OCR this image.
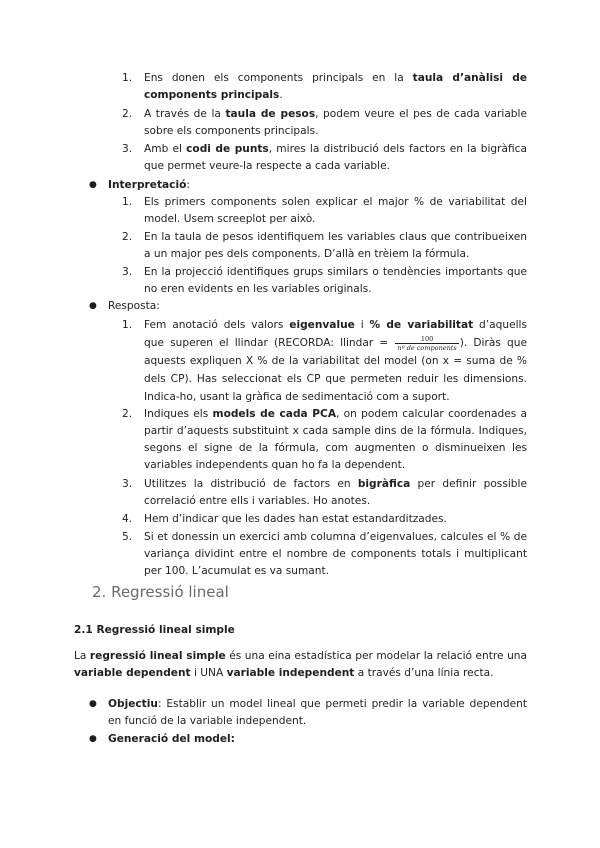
1. Ens donen els components principals en la taula d’anàlisi de components principals.
2. A través de la taula de pesos, podem veure el pes de cada variable sobre els components principals.
3. Amb el codi de punts, mires la distribució dels factors en la bigràfica que permet veure-la respecte a cada variable.
● Interpretació:
1. Els primers components solen explicar el major % de variabilitat del model. Usem screeplot per això.
2. En la taula de pesos identifiquem les variables claus que contribueixen a un major pes dels components. D’allà en trèiem la fórmula.
3. En la projecció identifiques grups similars o tendències importants que no eren evidents en les variables originals.
● Resposta:
1. Fem anotació dels valors eigenvalue i % de variabilitat d’aquells que superen el llindar (RECORDA: llindar = $\frac{100}{\text{nº de components}}$ ). Diràs que aquests expliquen X % de la variabilitat del model (on x = suma de % dels CP). Has seleccionat els CP que permeten reduir les dimensions. Indica-ho, usant la gràfica de sedimentació com a suport.
2. Indiques els models de cada PCA, on podem calcular coordenades a partir d’aquests substituint x cada sample dins de la fórmula. Indiques, segons el signe de la fórmula, com augmenten o disminueixen les variables independents quan ho fa la dependent.
3. Utilitzes la distribució de factors en bigràfica per definir possible correlació entre ells i variables. Ho anotes.
4. Hem d’indicar que les dades han estat estandarditzades.
5. Si et donessin un exercici amb columna d’eigenvalues, calcules el % de variança dividint entre el nombre de components totals i multiplicant per 100. L’acumulat es va sumant.
2. Regressió lineal
2.1 Regressió lineal simple
La regressió lineal simple és una eina estadística per modelar la relació entre una variable dependent i UNA variable independent a través d’una línia recta.
● Objectiu: Establir un model lineal que permeti predir la variable dependent en funció de la variable independent.
● Generació del model:
